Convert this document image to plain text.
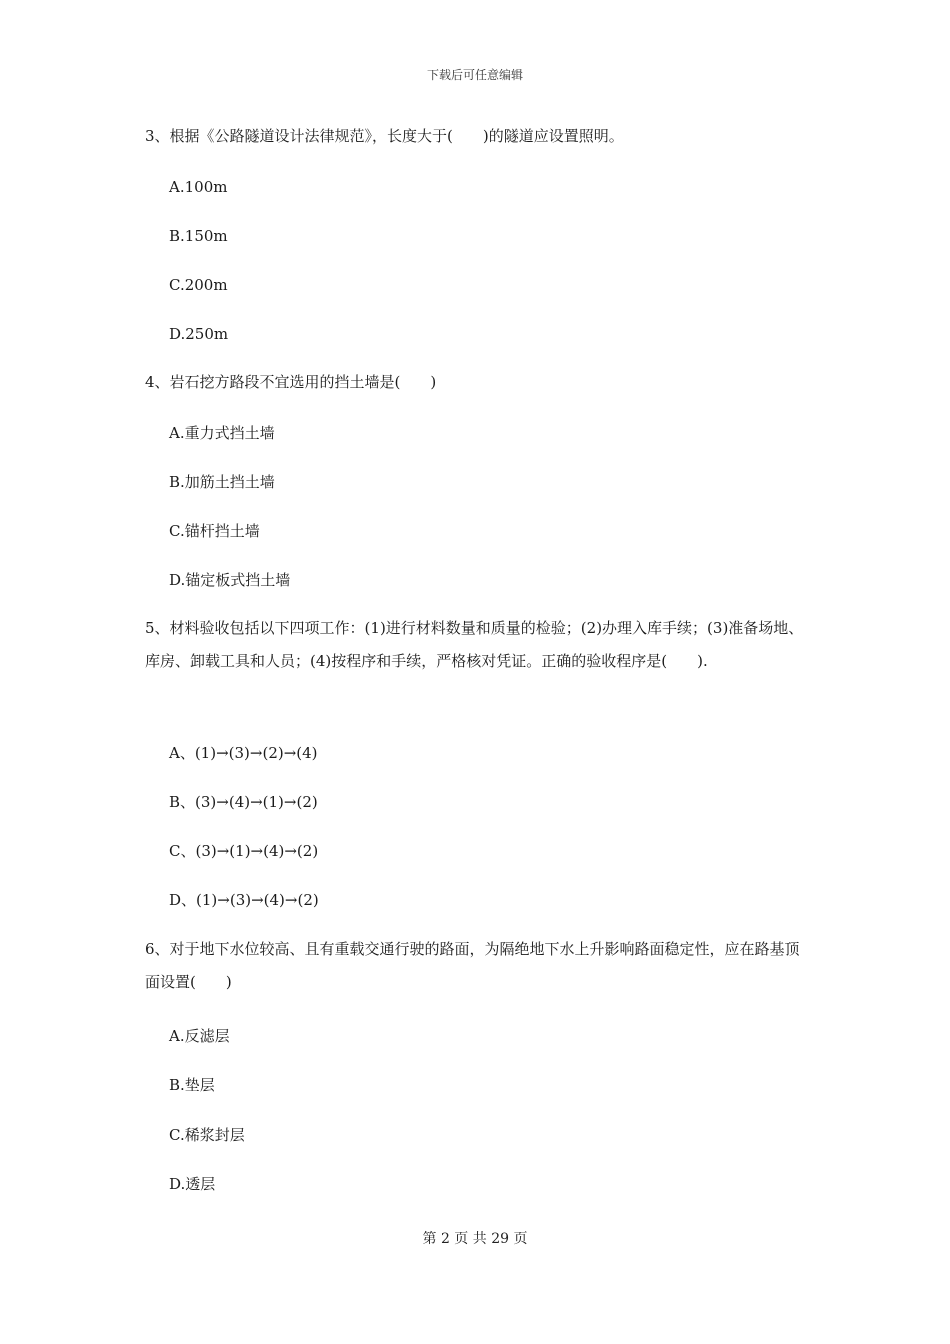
下载后可任意编辑
3、根据《公路隧道设计法律规范》，长度大于(　　)的隧道应设置照明。
A.100m
B.150m
C.200m
D.250m
4、岩石挖方路段不宜选用的挡土墙是(　　)
A.重力式挡土墙
B.加筋土挡土墙
C.锚杆挡土墙
D.锚定板式挡土墙
5、材料验收包括以下四项工作：(1)进行材料数量和质量的检验；(2)办理入库手续；(3)准备场地、库房、卸载工具和人员；(4)按程序和手续，严格核对凭证。正确的验收程序是(　　).
A、(1)→(3)→(2)→(4)
B、(3)→(4)→(1)→(2)
C、(3)→(1)→(4)→(2)
D、(1)→(3)→(4)→(2)
6、对于地下水位较高、且有重载交通行驶的路面，为隔绝地下水上升影响路面稳定性，应在路基顶面设置(　　)
A.反滤层
B.垫层
C.稀浆封层
D.透层
第 2 页 共 29 页
